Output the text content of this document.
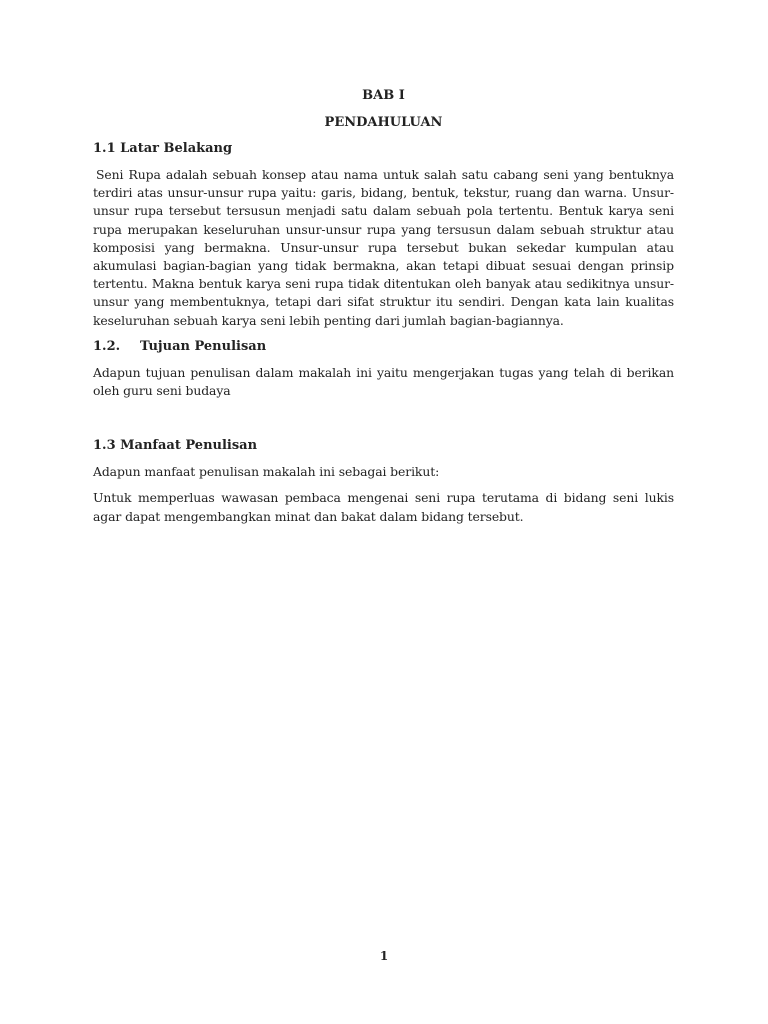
BAB I

PENDAHULUAN

1.1 Latar Belakang

Seni Rupa adalah sebuah konsep atau nama untuk salah satu cabang seni yang bentuknya terdiri atas unsur-unsur rupa yaitu: garis, bidang, bentuk, tekstur, ruang dan warna. Unsur-unsur rupa tersebut tersusun menjadi satu dalam sebuah pola tertentu. Bentuk karya seni rupa merupakan keseluruhan unsur-unsur rupa yang tersusun dalam sebuah struktur atau komposisi yang bermakna. Unsur-unsur rupa tersebut bukan sekedar kumpulan atau akumulasi bagian-bagian yang tidak bermakna, akan tetapi dibuat sesuai dengan prinsip tertentu. Makna bentuk karya seni rupa tidak ditentukan oleh banyak atau sedikitnya unsur-unsur yang membentuknya, tetapi dari sifat struktur itu sendiri. Dengan kata lain kualitas keseluruhan sebuah karya seni lebih penting dari jumlah bagian-bagiannya.

1.2. Tujuan Penulisan

Adapun tujuan penulisan dalam makalah ini yaitu mengerjakan tugas yang telah di berikan oleh guru seni budaya

1.3 Manfaat Penulisan

Adapun manfaat penulisan makalah ini sebagai berikut:

Untuk memperluas wawasan pembaca mengenai seni rupa terutama di bidang seni lukis agar dapat mengembangkan minat dan bakat dalam bidang tersebut.

1
